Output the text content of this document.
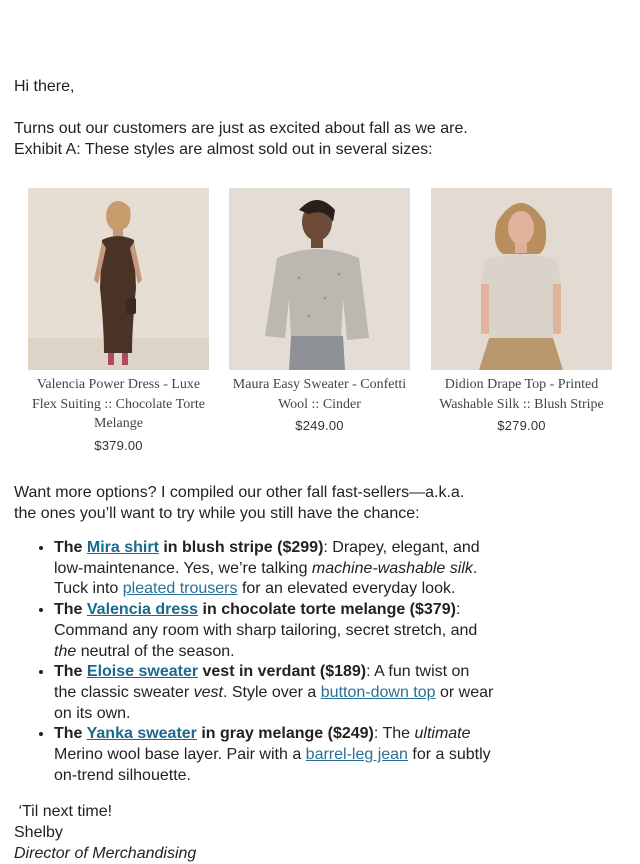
Hi there,

Turns out our customers are just as excited about fall as we are.

Exhibit A: These styles are almost sold out in several sizes:

Want more options? I compiled our other fall fast-sellers—a.k.a. the ones you’ll want to try while you still have the chance:

• The Mira shirt in blush stripe ($299): Drapey, elegant, and low-maintenance. Yes, we’re talking machine-washable silk. Tuck into pleated trousers for an elevated everyday look.
• The Valencia dress in chocolate torte melange ($379): Command any room with sharp tailoring, secret stretch, and the neutral of the season.
• The Eloise sweater vest in verdant ($189): A fun twist on the classic sweater vest. Style over a button-down top or wear on its own.
• The Yanka sweater in gray melange ($249): The ultimate Merino wool base layer. Pair with a barrel-leg jean for a subtly on-trend silhouette.
‘Til next time!
Shelby
Director of Merchandising
Valencia Power Dress - Luxe Flex Suiting :: Chocolate Torte Melange
$379.00
Maura Easy Sweater - Confetti Wool :: Cinder
$249.00
Didion Drape Top - Printed Washable Silk :: Blush Stripe
$279.00
